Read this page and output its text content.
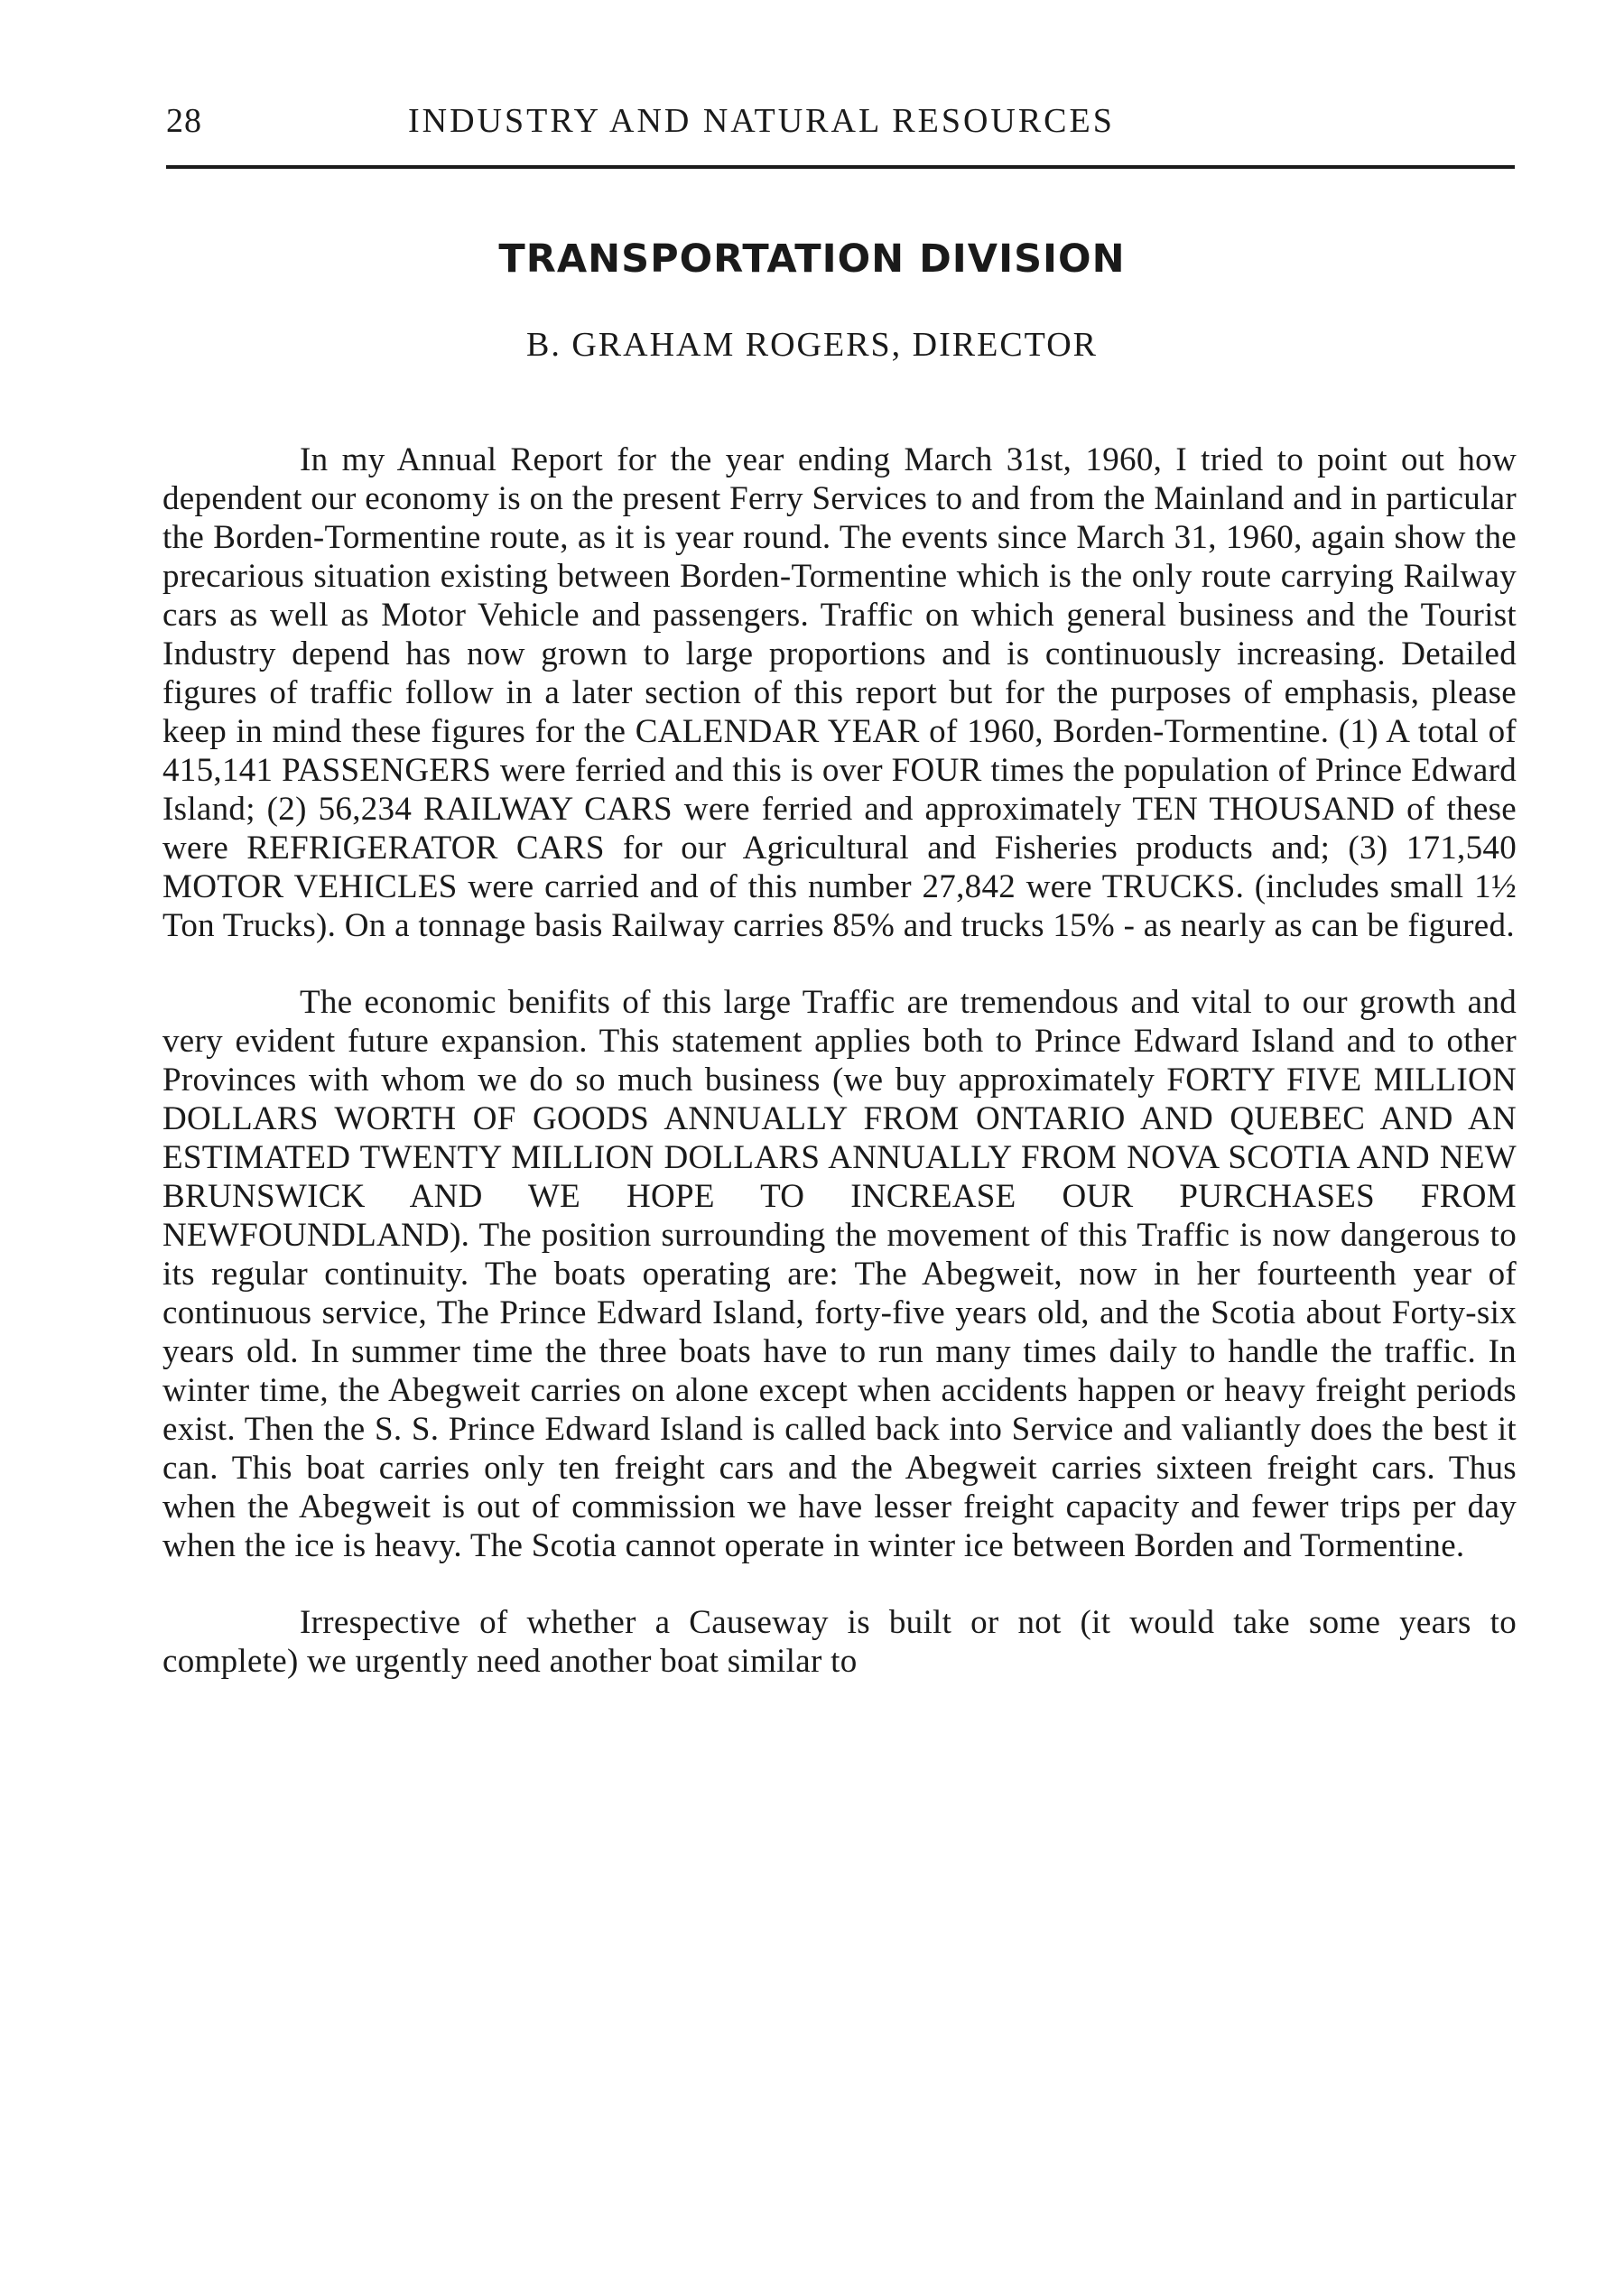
28	INDUSTRY AND NATURAL RESOURCES
TRANSPORTATION DIVISION
B. GRAHAM ROGERS, DIRECTOR

In my Annual Report for the year ending March 31st, 1960, I tried to point out how dependent our economy is on the present Ferry Services to and from the Mainland and in particular the Borden-Tormentine route, as it is year round. The events since March 31, 1960, again show the precarious situation existing between Borden-Tormentine which is the only route carrying Railway cars as well as Motor Vehicle and passengers. Traffic on which general business and the Tourist Industry depend has now grown to large proportions and is continuously increasing. Detailed figures of traffic follow in a later section of this report but for the purposes of emphasis, please keep in mind these figures for the CALENDAR YEAR of 1960, Borden-Tormentine. (1) A total of 415,141 PASSENGERS were ferried and this is over FOUR times the population of Prince Edward Island; (2) 56,234 RAILWAY CARS were ferried and approximately TEN THOUSAND of these were REFRIGERATOR CARS for our Agricultural and Fisheries products and; (3) 171,540 MOTOR VEHICLES were carried and of this number 27,842 were TRUCKS. (includes small 1½ Ton Trucks). On a tonnage basis Railway carries 85% and trucks 15% - as nearly as can be figured.

The economic benifits of this large Traffic are tremendous and vital to our growth and very evident future expansion. This statement applies both to Prince Edward Island and to other Provinces with whom we do so much business (we buy approximately FORTY FIVE MILLION DOLLARS WORTH OF GOODS ANNUALLY FROM ONTARIO AND QUEBEC AND AN ESTIMATED TWENTY MILLION DOLLARS ANNUALLY FROM NOVA SCOTIA AND NEW BRUNSWICK AND WE HOPE TO INCREASE OUR PURCHASES FROM NEWFOUNDLAND). The position surrounding the movement of this Traffic is now dangerous to its regular continuity. The boats operating are: The Abegweit, now in her fourteenth year of continuous service, The Prince Edward Island, forty-five years old, and the Scotia about Forty-six years old. In summer time the three boats have to run many times daily to handle the traffic. In winter time, the Abegweit carries on alone except when accidents happen or heavy freight periods exist. Then the S. S. Prince Edward Island is called back into Service and valiantly does the best it can. This boat carries only ten freight cars and the Abegweit carries sixteen freight cars. Thus when the Abegweit is out of commission we have lesser freight capacity and fewer trips per day when the ice is heavy. The Scotia cannot operate in winter ice between Borden and Tormentine.

Irrespective of whether a Causeway is built or not (it would take some years to complete) we urgently need another boat similar to
